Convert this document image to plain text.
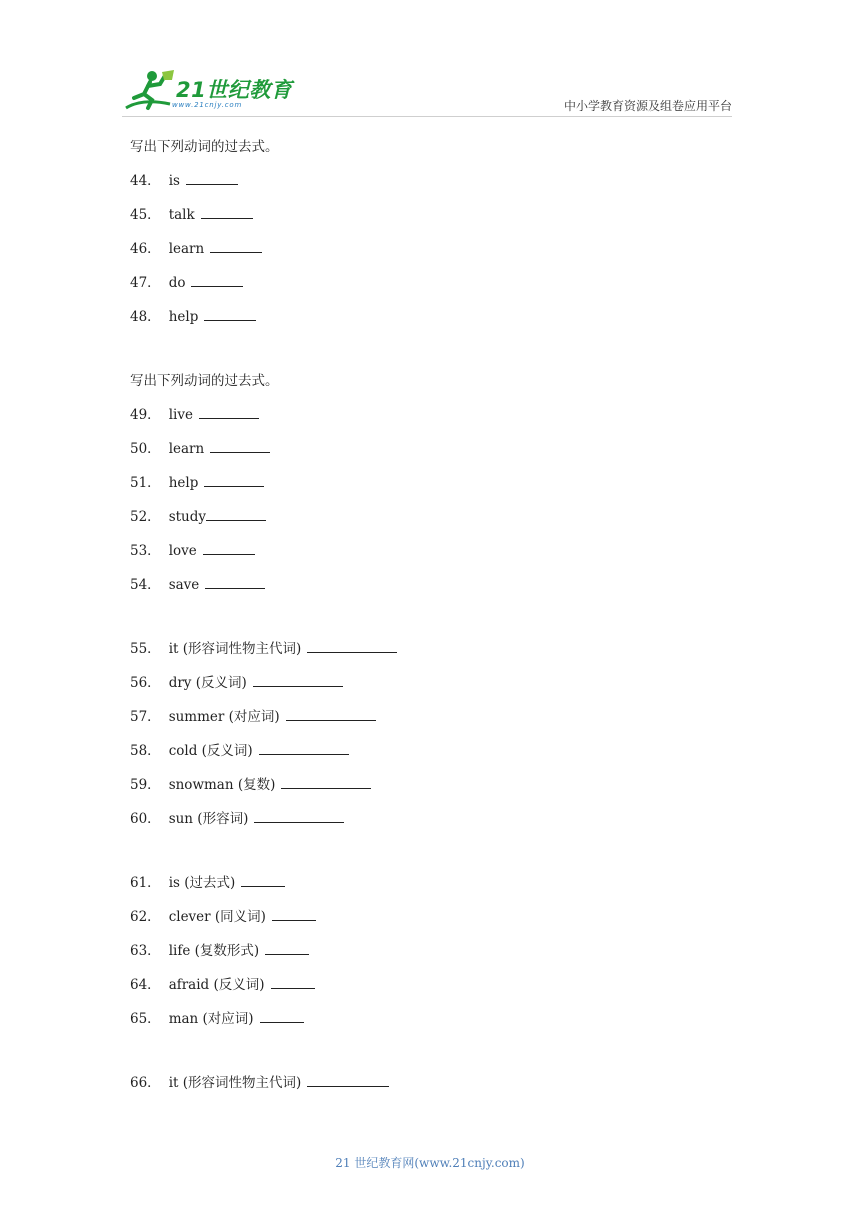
21世纪教育
www.21cnjy.com	中小学教育资源及组卷应用平台
写出下列动词的过去式。
44． is
45． talk
46． learn
47． do
48． help
写出下列动词的过去式。
49． live
50． learn
51． help
52． study
53． love
54． save
55． it (形容词性物主代词)
56． dry (反义词)
57． summer (对应词)
58． cold (反义词)
59． snowman (复数)
60． sun (形容词)
61． is (过去式)
62． clever (同义词)
63． life (复数形式)
64． afraid (反义词)
65． man (对应词)
66． it (形容词性物主代词)
21 世纪教育网(www.21cnjy.com)
